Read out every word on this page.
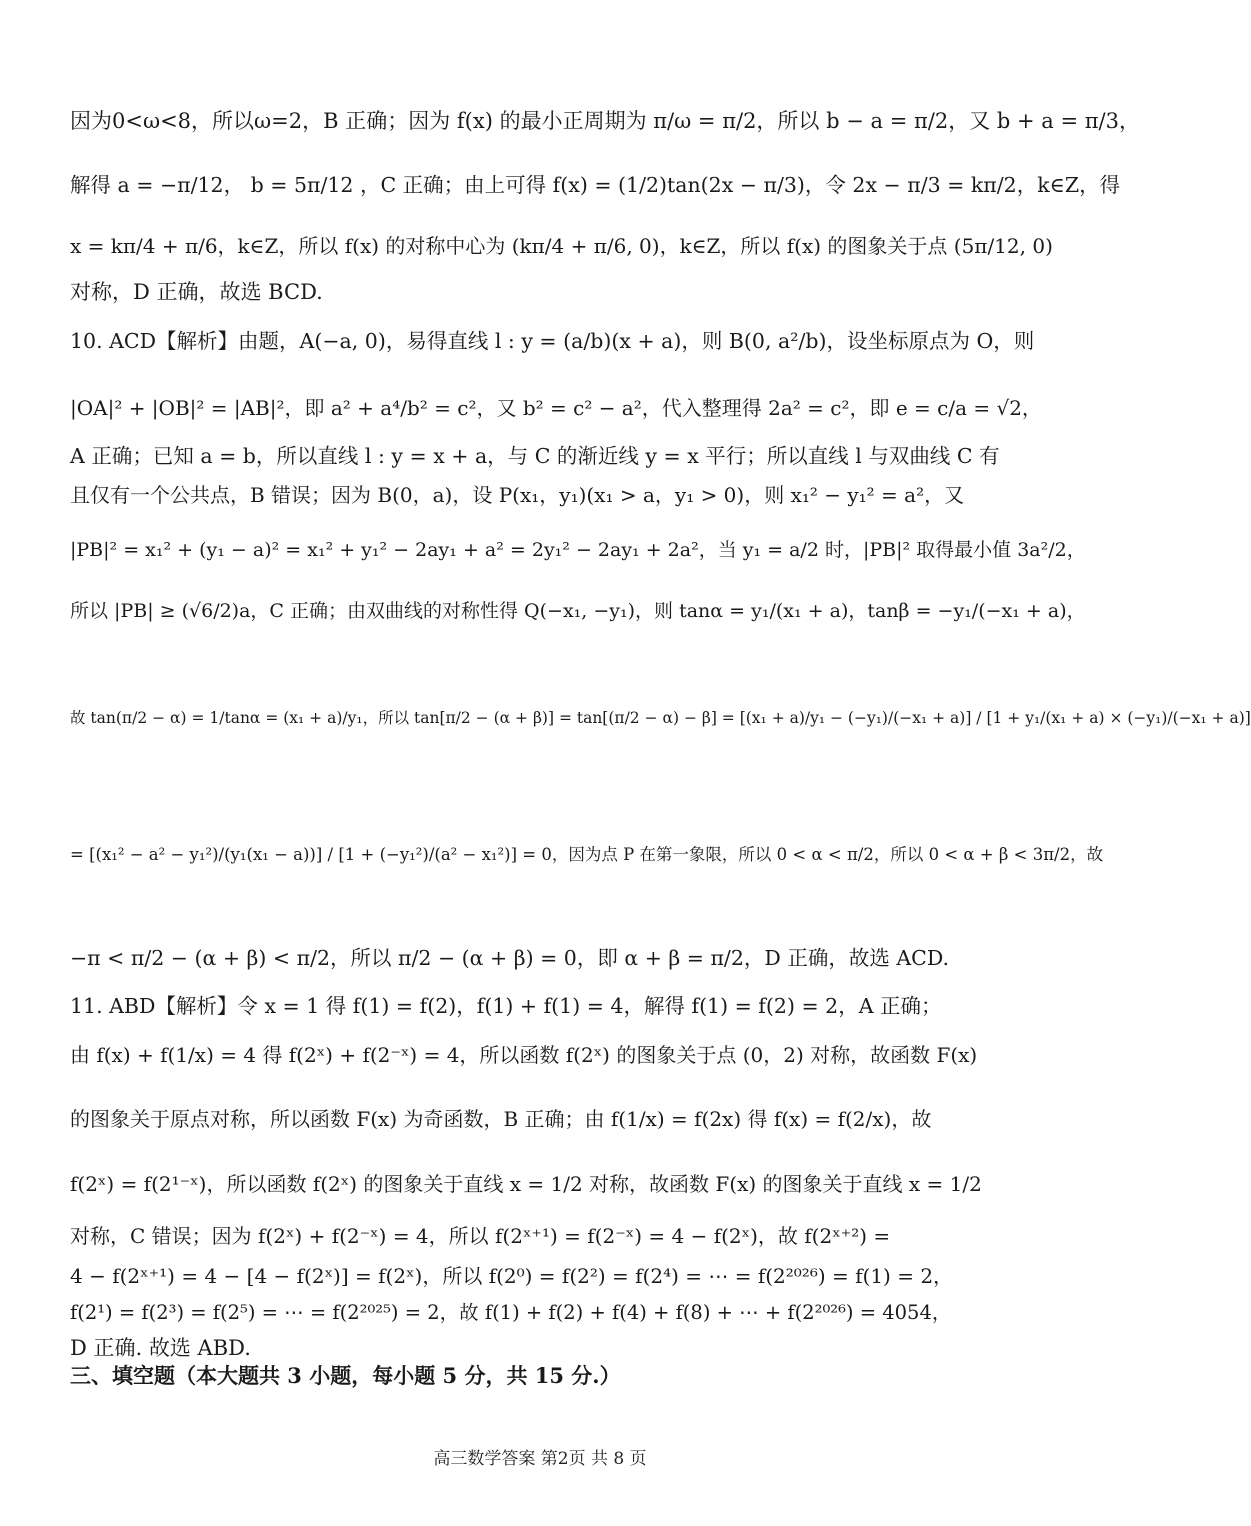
因为0<ω<8，所以ω=2，B 正确；因为 f(x) 的最小正周期为 π/ω = π/2，所以 b − a = π/2，又 b + a = π/3，
解得 a = −π/12， b = 5π/12 ，C 正确；由上可得 f(x) = (1/2)tan(2x − π/3)，令 2x − π/3 = kπ/2，k∈Z，得
x = kπ/4 + π/6，k∈Z，所以 f(x) 的对称中心为 (kπ/4 + π/6, 0)，k∈Z，所以 f(x) 的图象关于点 (5π/12, 0)
对称，D 正确，故选 BCD.
10. ACD【解析】由题，A(−a, 0)，易得直线 l : y = (a/b)(x + a)，则 B(0, a²/b)，设坐标原点为 O，则
|OA|² + |OB|² = |AB|²，即 a² + a⁴/b² = c²，又 b² = c² − a²，代入整理得 2a² = c²，即 e = c/a = √2，
A 正确；已知 a = b，所以直线 l : y = x + a，与 C 的渐近线 y = x 平行；所以直线 l 与双曲线 C 有
且仅有一个公共点，B 错误；因为 B(0，a)，设 P(x₁，y₁)(x₁ > a，y₁ > 0)，则 x₁² − y₁² = a²，又
|PB|² = x₁² + (y₁ − a)² = x₁² + y₁² − 2ay₁ + a² = 2y₁² − 2ay₁ + 2a²，当 y₁ = a/2 时，|PB|² 取得最小值 3a²/2，
所以 |PB| ≥ (√6/2)a，C 正确；由双曲线的对称性得 Q(−x₁, −y₁)，则 tanα = y₁/(x₁ + a)，tanβ = −y₁/(−x₁ + a)，
故 tan(π/2 − α) = 1/tanα = (x₁ + a)/y₁，所以 tan[π/2 − (α + β)] = tan[(π/2 − α) − β] = [(x₁ + a)/y₁ − (−y₁)/(−x₁ + a)] / [1 + y₁/(x₁ + a) × (−y₁)/(−x₁ + a)]
= [(x₁² − a² − y₁²)/(y₁(x₁ − a))] / [1 + (−y₁²)/(a² − x₁²)] = 0，因为点 P 在第一象限，所以 0 < α < π/2，所以 0 < α + β < 3π/2，故
−π < π/2 − (α + β) < π/2，所以 π/2 − (α + β) = 0，即 α + β = π/2，D 正确，故选 ACD.
11. ABD【解析】令 x = 1 得 f(1) = f(2)，f(1) + f(1) = 4，解得 f(1) = f(2) = 2，A 正确；
由 f(x) + f(1/x) = 4 得 f(2ˣ) + f(2⁻ˣ) = 4，所以函数 f(2ˣ) 的图象关于点 (0，2) 对称，故函数 F(x)
的图象关于原点对称，所以函数 F(x) 为奇函数，B 正确；由 f(1/x) = f(2x) 得 f(x) = f(2/x)，故
f(2ˣ) = f(2¹⁻ˣ)，所以函数 f(2ˣ) 的图象关于直线 x = 1/2 对称，故函数 F(x) 的图象关于直线 x = 1/2
对称，C 错误；因为 f(2ˣ) + f(2⁻ˣ) = 4，所以 f(2ˣ⁺¹) = f(2⁻ˣ) = 4 − f(2ˣ)，故 f(2ˣ⁺²) =
4 − f(2ˣ⁺¹) = 4 − [4 − f(2ˣ)] = f(2ˣ)，所以 f(2⁰) = f(2²) = f(2⁴) = ⋯ = f(2²⁰²⁶) = f(1) = 2，
f(2¹) = f(2³) = f(2⁵) = ⋯ = f(2²⁰²⁵) = 2，故 f(1) + f(2) + f(4) + f(8) + ⋯ + f(2²⁰²⁶) = 4054，
D 正确. 故选 ABD.
三、填空题（本大题共 3 小题，每小题 5 分，共 15 分.）
高三数学答案 第2页 共 8 页
